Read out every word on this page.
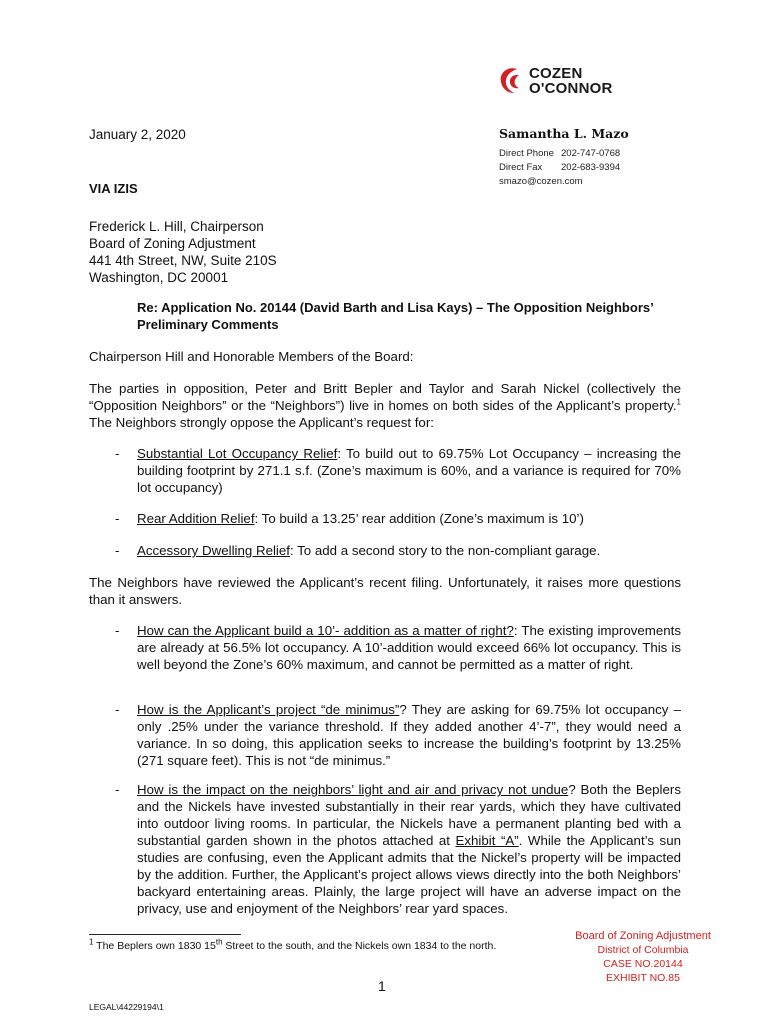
COZEN
O'CONNOR
January 2, 2020	Samantha L. Mazo
Direct Phone 202-747-0768
Direct Fax 202-683-9394
smazo@cozen.com
VIA IZIS
Frederick L. Hill, Chairperson
Board of Zoning Adjustment
441 4th Street, NW, Suite 210S
Washington, DC 20001
Re: Application No. 20144 (David Barth and Lisa Kays) – The Opposition Neighbors’ Preliminary Comments
Chairperson Hill and Honorable Members of the Board:
The parties in opposition, Peter and Britt Bepler and Taylor and Sarah Nickel (collectively the “Opposition Neighbors” or the “Neighbors”) live in homes on both sides of the Applicant’s property.$^1$ The Neighbors strongly oppose the Applicant’s request for:
- Substantial Lot Occupancy Relief: To build out to 69.75% Lot Occupancy – increasing the building footprint by 271.1 s.f. (Zone’s maximum is 60%, and a variance is required for 70% lot occupancy)
- Rear Addition Relief: To build a 13.25’ rear addition (Zone’s maximum is 10’)
- Accessory Dwelling Relief: To add a second story to the non-compliant garage.
The Neighbors have reviewed the Applicant’s recent filing. Unfortunately, it raises more questions than it answers.
- How can the Applicant build a 10’- addition as a matter of right?: The existing improvements are already at 56.5% lot occupancy. A 10’-addition would exceed 66% lot occupancy. This is well beyond the Zone’s 60% maximum, and cannot be permitted as a matter of right.
- How is the Applicant’s project “de minimus”? They are asking for 69.75% lot occupancy – only .25% under the variance threshold. If they added another 4’-7”, they would need a variance. In so doing, this application seeks to increase the building’s footprint by 13.25% (271 square feet). This is not “de minimus.”
- How is the impact on the neighbors’ light and air and privacy not undue? Both the Beplers and the Nickels have invested substantially in their rear yards, which they have cultivated into outdoor living rooms. In particular, the Nickels have a permanent planting bed with a substantial garden shown in the photos attached at Exhibit “A”. While the Applicant’s sun studies are confusing, even the Applicant admits that the Nickel’s property will be impacted by the addition. Further, the Applicant’s project allows views directly into the both Neighbors’ backyard entertaining areas. Plainly, the large project will have an adverse impact on the privacy, use and enjoyment of the Neighbors’ rear yard spaces.
$^1$ The Beplers own 1830 15th Street to the south, and the Nickels own 1834 to the north.
Board of Zoning Adjustment
District of Columbia
CASE NO.20144
EXHIBIT NO.85
1
LEGAL\44229194\1
